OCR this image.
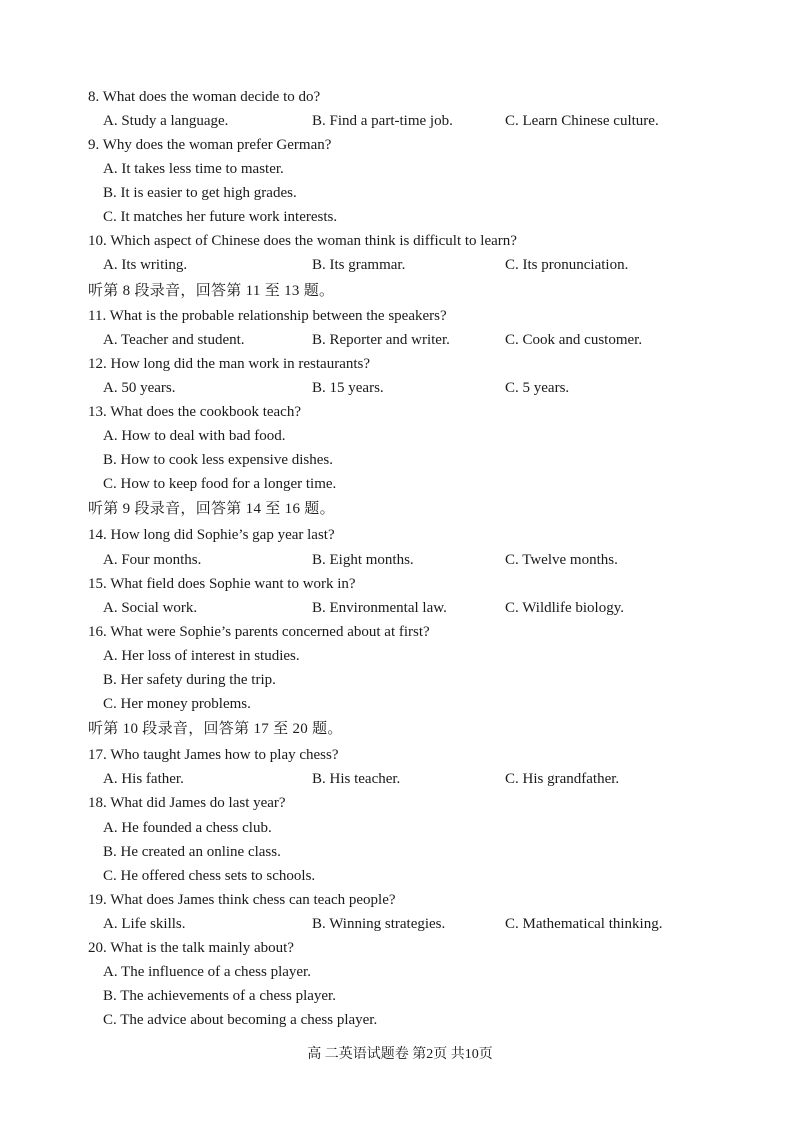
8. What does the woman decide to do?
A. Study a language.	B. Find a part-time job.	C. Learn Chinese culture.
9. Why does the woman prefer German?
A. It takes less time to master.
B. It is easier to get high grades.
C. It matches her future work interests.
10. Which aspect of Chinese does the woman think is difficult to learn?
A. Its writing.	B. Its grammar.	C. Its pronunciation.
听第 8 段录音，回答第 11 至 13 题。
11. What is the probable relationship between the speakers?
A. Teacher and student.	B. Reporter and writer.	C. Cook and customer.
12. How long did the man work in restaurants?
A. 50 years.	B. 15 years.	C. 5 years.
13. What does the cookbook teach?
A. How to deal with bad food.
B. How to cook less expensive dishes.
C. How to keep food for a longer time.
听第 9 段录音，回答第 14 至 16 题。
14. How long did Sophie’s gap year last?
A. Four months.	B. Eight months.	C. Twelve months.
15. What field does Sophie want to work in?
A. Social work.	B. Environmental law.	C. Wildlife biology.
16. What were Sophie’s parents concerned about at first?
A. Her loss of interest in studies.
B. Her safety during the trip.
C. Her money problems.
听第 10 段录音，回答第 17 至 20 题。
17. Who taught James how to play chess?
A. His father.	B. His teacher.	C. His grandfather.
18. What did James do last year?
A. He founded a chess club.
B. He created an online class.
C. He offered chess sets to schools.
19. What does James think chess can teach people?
A. Life skills.	B. Winning strategies.	C. Mathematical thinking.
20. What is the talk mainly about?
A. The influence of a chess player.
B. The achievements of a chess player.
C. The advice about becoming a chess player.
高 二英语试题卷 第2页 共10页
